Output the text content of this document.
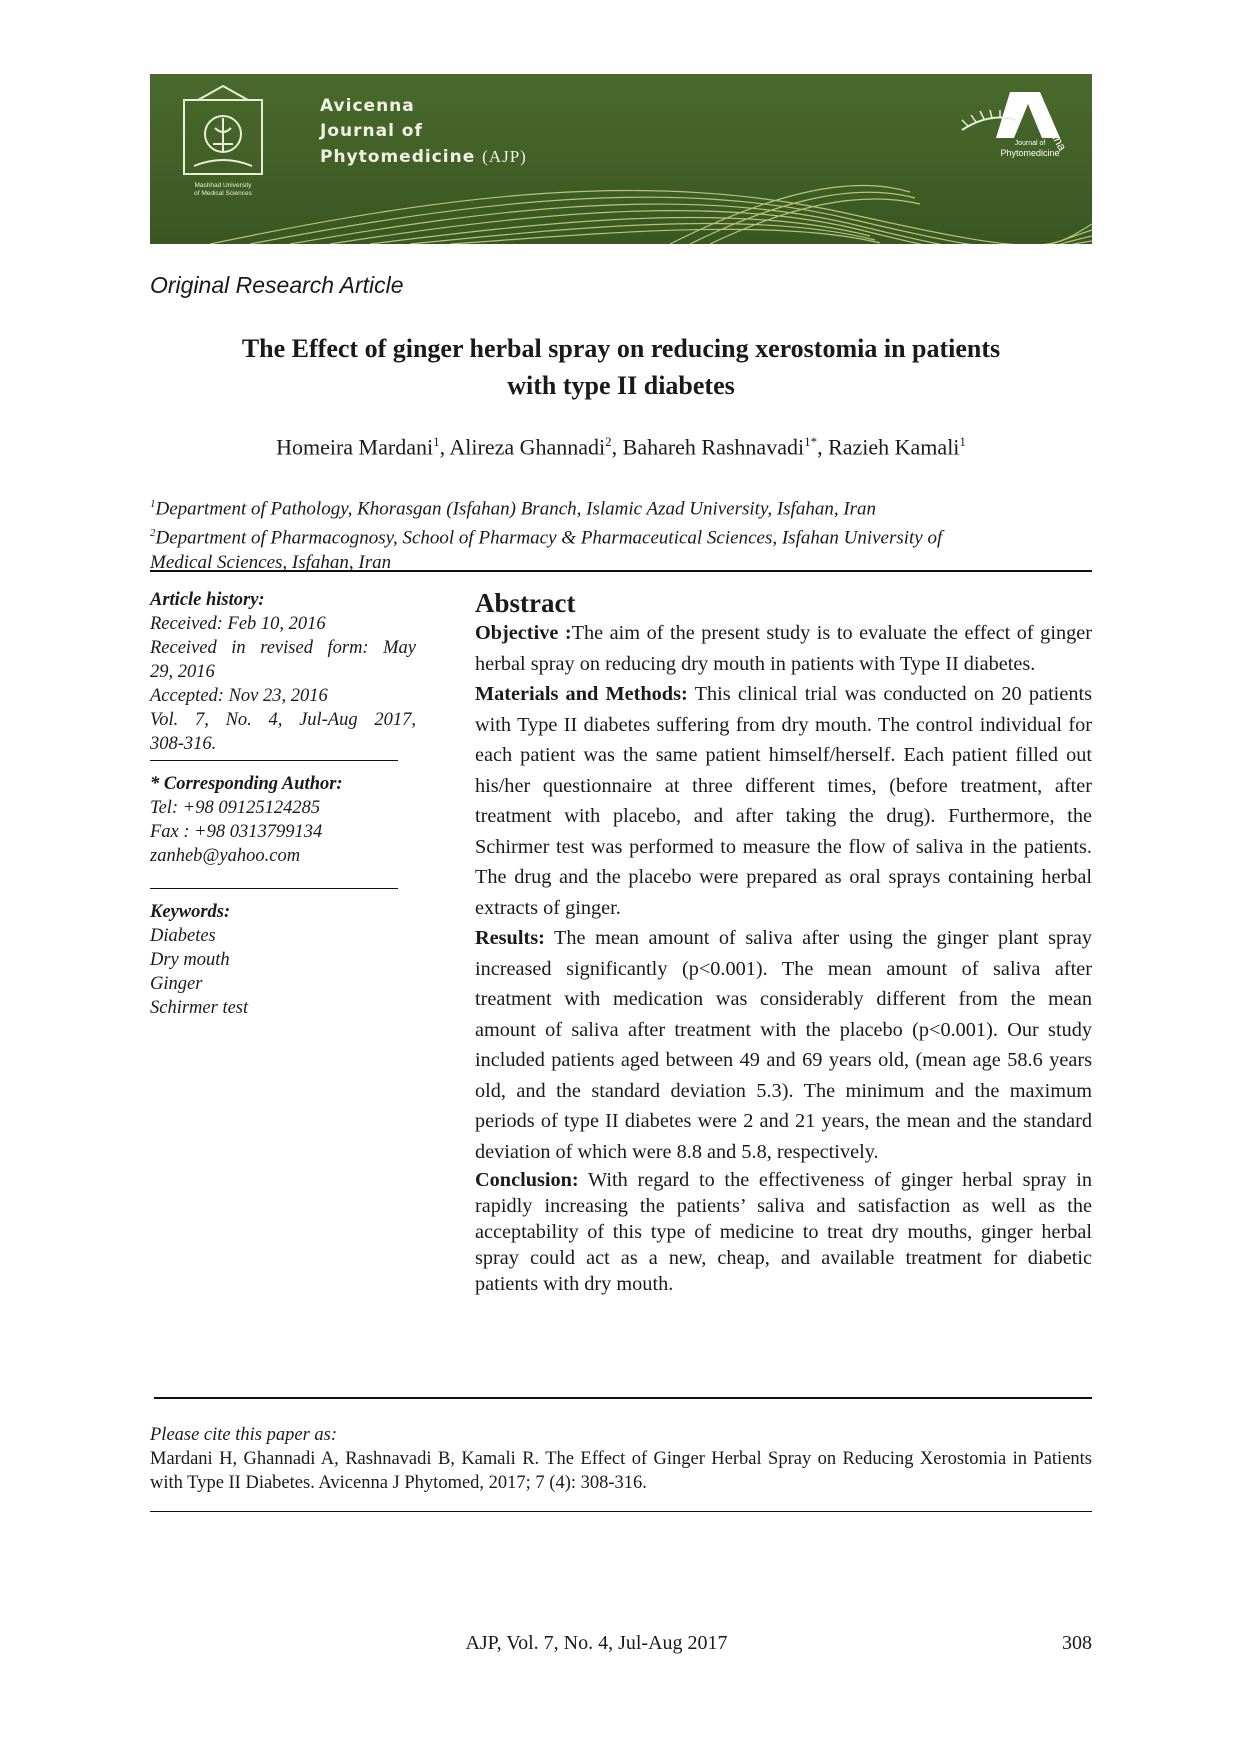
Mashhad University
of Medical Sciences
Avicenna
Journal of
Phytomedicine (AJP)
vicenna
Journal of
Phytomedicine
Original Research Article
The Effect of ginger herbal spray on reducing xerostomia in patients
with type II diabetes
Homeira Mardani$^1$, Alireza Ghannadi$^2$, Bahareh Rashnavadi$^{1*}$, Razieh Kamali$^1$
$^1$Department of Pathology, Khorasgan (Isfahan) Branch, Islamic Azad University, Isfahan, Iran
$^2$Department of Pharmacognosy, School of Pharmacy & Pharmaceutical Sciences, Isfahan University of
Medical Sciences, Isfahan, Iran
Article history:
Received: Feb 10, 2016
Received in revised form: May
29, 2016
Accepted: Nov 23, 2016
Vol. 7, No. 4, Jul-Aug 2017,
308-316.
* Corresponding Author:
Tel: +98 09125124285
Fax : +98 0313799134
zanheb@yahoo.com
Keywords:
Diabetes
Dry mouth
Ginger
Schirmer test
Abstract

Objective :The aim of the present study is to evaluate the effect of ginger herbal spray on reducing dry mouth in patients with Type II diabetes.

Materials and Methods: This clinical trial was conducted on 20 patients with Type II diabetes suffering from dry mouth. The control individual for each patient was the same patient himself/herself. Each patient filled out his/her questionnaire at three different times, (before treatment, after treatment with placebo, and after taking the drug). Furthermore, the Schirmer test was performed to measure the flow of saliva in the patients. The drug and the placebo were prepared as oral sprays containing herbal extracts of ginger.

Results: The mean amount of saliva after using the ginger plant spray increased significantly (p<0.001). The mean amount of saliva after treatment with medication was considerably different from the mean amount of saliva after treatment with the placebo (p<0.001). Our study included patients aged between 49 and 69 years old, (mean age 58.6 years old, and the standard deviation 5.3). The minimum and the maximum periods of type II diabetes were 2 and 21 years, the mean and the standard deviation of which were 8.8 and 5.8, respectively.

Conclusion: With regard to the effectiveness of ginger herbal spray in rapidly increasing the patients’ saliva and satisfaction as well as the acceptability of this type of medicine to treat dry mouths, ginger herbal spray could act as a new, cheap, and available treatment for diabetic patients with dry mouth.

Please cite this paper as:
Mardani H, Ghannadi A, Rashnavadi B, Kamali R. The Effect of Ginger Herbal Spray on Reducing Xerostomia in Patients with Type II Diabetes. Avicenna J Phytomed, 2017; 7 (4): 308-316.
AJP, Vol. 7, No. 4, Jul-Aug 2017	308
